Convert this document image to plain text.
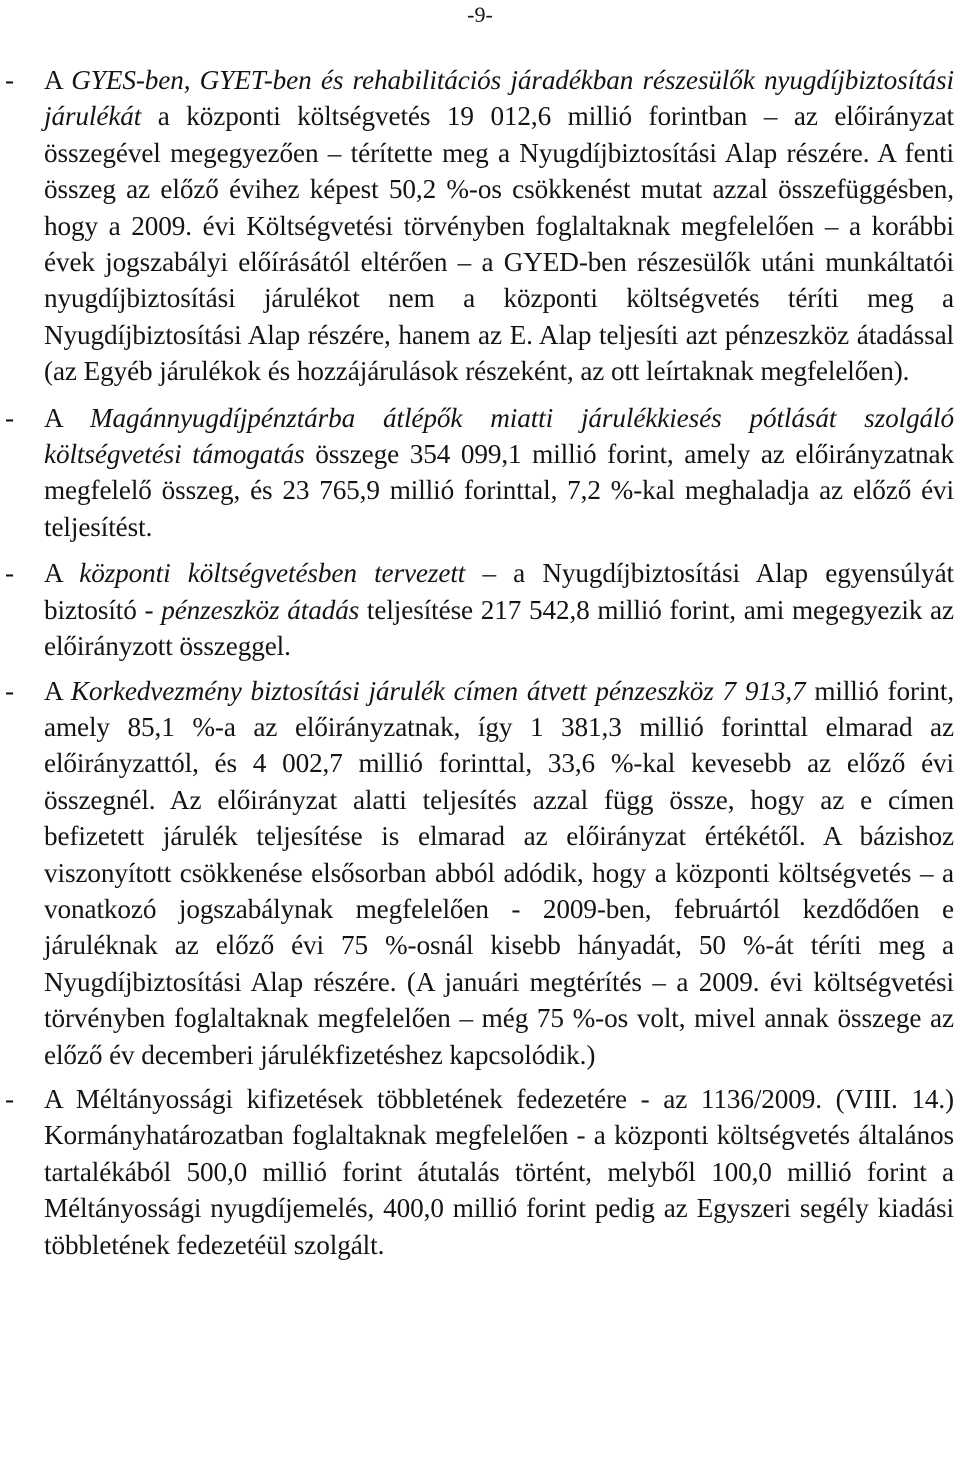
-9-

- A GYES-ben, GYET-ben és rehabilitációs járadékban részesülők nyugdíjbiztosítási járulékát a központi költségvetés 19 012,6 millió forintban – az előirányzat összegével megegyezően – térítette meg a Nyugdíjbiztosítási Alap részére. A fenti összeg az előző évihez képest 50,2 %-os csökkenést mutat azzal összefüggésben, hogy a 2009. évi Költségvetési törvényben foglaltaknak megfelelően – a korábbi évek jogszabályi előírásától eltérően – a GYED-ben részesülők utáni munkáltatói nyugdíjbiztosítási járulékot nem a központi költségvetés téríti meg a Nyugdíjbiztosítási Alap részére, hanem az E. Alap teljesíti azt pénzeszköz átadással (az Egyéb járulékok és hozzájárulások részeként, az ott leírtaknak megfelelően).

- A Magánnyugdíjpénztárba átlépők miatti járulékkiesés pótlását szolgáló költségvetési támogatás összege 354 099,1 millió forint, amely az előirányzatnak megfelelő összeg, és 23 765,9 millió forinttal, 7,2 %-kal meghaladja az előző évi teljesítést.

- A központi költségvetésben tervezett – a Nyugdíjbiztosítási Alap egyensúlyát biztosító - pénzeszköz átadás teljesítése 217 542,8 millió forint, ami megegyezik az előirányzott összeggel.

- A Korkedvezmény biztosítási járulék címen átvett pénzeszköz 7 913,7 millió forint, amely 85,1 %-a az előirányzatnak, így 1 381,3 millió forinttal elmarad az előirányzattól, és 4 002,7 millió forinttal, 33,6 %-kal kevesebb az előző évi összegnél. Az előirányzat alatti teljesítés azzal függ össze, hogy az e címen befizetett járulék teljesítése is elmarad az előirányzat értékétől. A bázishoz viszonyított csökkenése elsősorban abból adódik, hogy a központi költségvetés – a vonatkozó jogszabálynak megfelelően - 2009-ben, februártól kezdődően e járuléknak az előző évi 75 %-osnál kisebb hányadát, 50 %-át téríti meg a Nyugdíjbiztosítási Alap részére. (A januári megtérítés – a 2009. évi költségvetési törvényben foglaltaknak megfelelően – még 75 %-os volt, mivel annak összege az előző év decemberi járulékfizetéshez kapcsolódik.)

- A Méltányossági kifizetések többletének fedezetére - az 1136/2009. (VIII. 14.) Kormányhatározatban foglaltaknak megfelelően - a központi költségvetés általános tartalékából 500,0 millió forint átutalás történt, melyből 100,0 millió forint a Méltányossági nyugdíjemelés, 400,0 millió forint pedig az Egyszeri segély kiadási többletének fedezetéül szolgált.
